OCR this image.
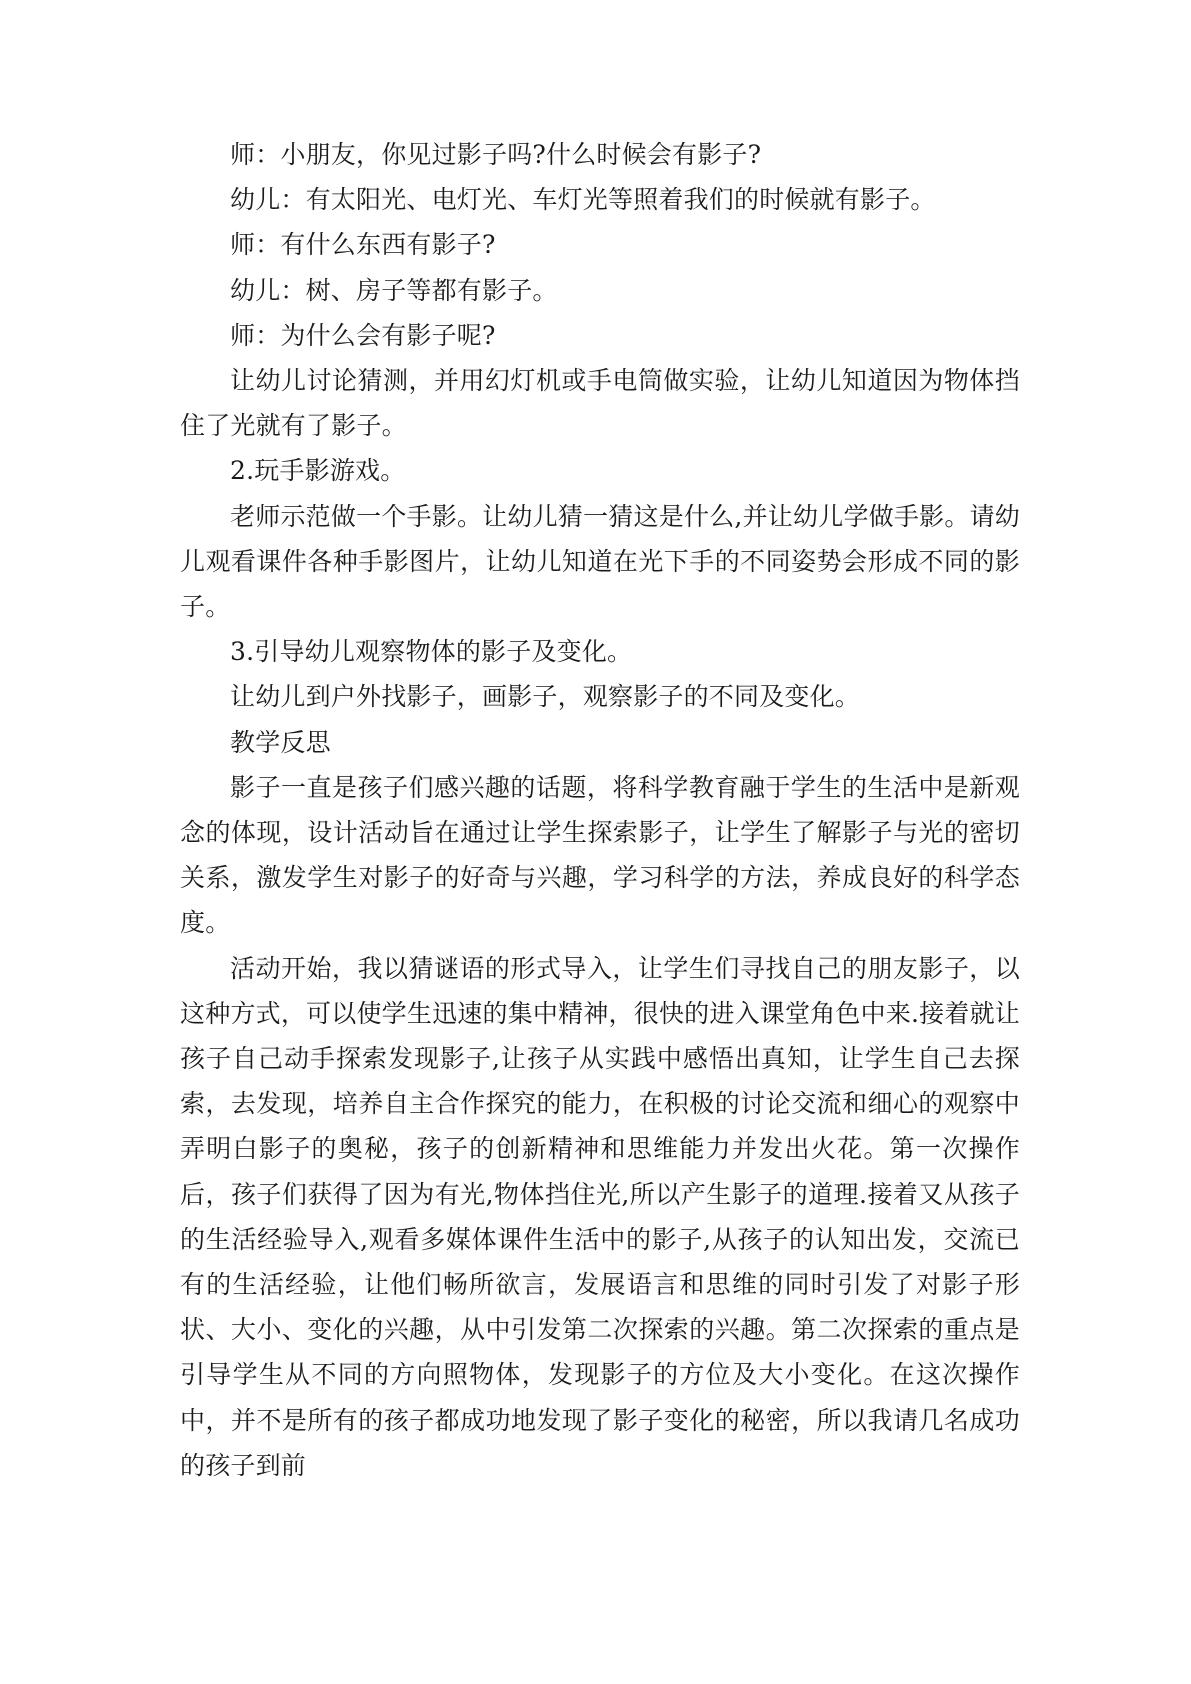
师：小朋友，你见过影子吗?什么时候会有影子?

幼儿：有太阳光、电灯光、车灯光等照着我们的时候就有影子。

师：有什么东西有影子?

幼儿：树、房子等都有影子。

师：为什么会有影子呢?

让幼儿讨论猜测，并用幻灯机或手电筒做实验，让幼儿知道因为物体挡住了光就有了影子。

2.玩手影游戏。

老师示范做一个手影。让幼儿猜一猜这是什么,并让幼儿学做手影。请幼儿观看课件各种手影图片，让幼儿知道在光下手的不同姿势会形成不同的影子。

3.引导幼儿观察物体的影子及变化。

让幼儿到户外找影子，画影子，观察影子的不同及变化。

教学反思

影子一直是孩子们感兴趣的话题，将科学教育融于学生的生活中是新观念的体现，设计活动旨在通过让学生探索影子，让学生了解影子与光的密切关系，激发学生对影子的好奇与兴趣，学习科学的方法，养成良好的科学态度。

活动开始，我以猜谜语的形式导入，让学生们寻找自己的朋友影子，以这种方式，可以使学生迅速的集中精神，很快的进入课堂角色中来.接着就让孩子自己动手探索发现影子,让孩子从实践中感悟出真知，让学生自己去探索，去发现，培养自主合作探究的能力，在积极的讨论交流和细心的观察中弄明白影子的奥秘，孩子的创新精神和思维能力并发出火花。第一次操作后，孩子们获得了因为有光,物体挡住光,所以产生影子的道理.接着又从孩子的生活经验导入,观看多媒体课件生活中的影子,从孩子的认知出发，交流已有的生活经验，让他们畅所欲言，发展语言和思维的同时引发了对影子形状、大小、变化的兴趣，从中引发第二次探索的兴趣。第二次探索的重点是引导学生从不同的方向照物体，发现影子的方位及大小变化。在这次操作中，并不是所有的孩子都成功地发现了影子变化的秘密，所以我请几名成功的孩子到前
